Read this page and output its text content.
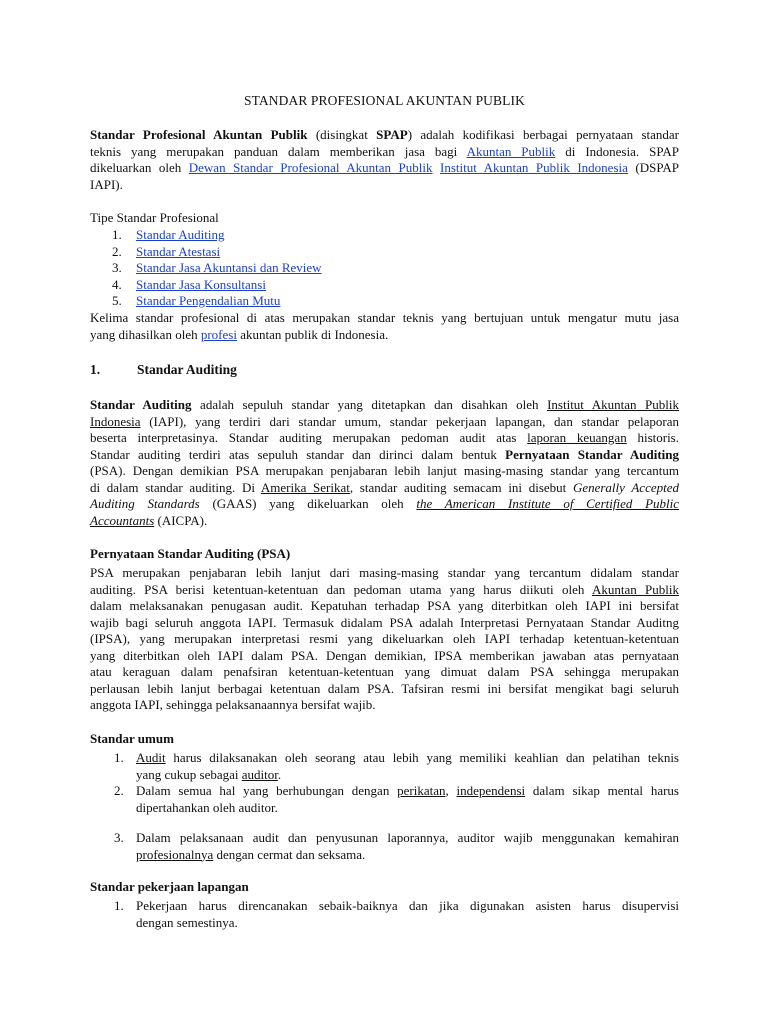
STANDAR PROFESIONAL AKUNTAN PUBLIK
Standar Profesional Akuntan Publik (disingkat SPAP) adalah kodifikasi berbagai pernyataan standar
teknis yang merupakan panduan dalam memberikan jasa bagi Akuntan Publik di Indonesia. SPAP
dikeluarkan oleh Dewan Standar Profesional Akuntan Publik Institut Akuntan Publik Indonesia (DSPAP
IAPI).
Tipe Standar Profesional
1.	Standar Auditing
2.	Standar Atestasi
3.	Standar Jasa Akuntansi dan Review
4.	Standar Jasa Konsultansi
5.	Standar Pengendalian Mutu
Kelima standar profesional di atas merupakan standar teknis yang bertujuan untuk mengatur mutu jasa
yang dihasilkan oleh profesi akuntan publik di Indonesia.
1.	Standar Auditing
Standar Auditing adalah sepuluh standar yang ditetapkan dan disahkan oleh Institut Akuntan Publik
Indonesia (IAPI), yang terdiri dari standar umum, standar pekerjaan lapangan, dan standar pelaporan
beserta interpretasinya. Standar auditing merupakan pedoman audit atas laporan keuangan historis.
Standar auditing terdiri atas sepuluh standar dan dirinci dalam bentuk Pernyataan Standar Auditing
(PSA). Dengan demikian PSA merupakan penjabaran lebih lanjut masing-masing standar yang tercantum
di dalam standar auditing. Di Amerika Serikat, standar auditing semacam ini disebut Generally Accepted
Auditing Standards (GAAS) yang dikeluarkan oleh the American Institute of Certified Public
Accountants (AICPA).
Pernyataan Standar Auditing (PSA)
PSA merupakan penjabaran lebih lanjut dari masing-masing standar yang tercantum didalam standar
auditing. PSA berisi ketentuan-ketentuan dan pedoman utama yang harus diikuti oleh Akuntan Publik
dalam melaksanakan penugasan audit. Kepatuhan terhadap PSA yang diterbitkan oleh IAPI ini bersifat
wajib bagi seluruh anggota IAPI. Termasuk didalam PSA adalah Interpretasi Pernyataan Standar Auditng
(IPSA), yang merupakan interpretasi resmi yang dikeluarkan oleh IAPI terhadap ketentuan-ketentuan
yang diterbitkan oleh IAPI dalam PSA. Dengan demikian, IPSA memberikan jawaban atas pernyataan
atau keraguan dalam penafsiran ketentuan-ketentuan yang dimuat dalam PSA sehingga merupakan
perlausan lebih lanjut berbagai ketentuan dalam PSA. Tafsiran resmi ini bersifat mengikat bagi seluruh
anggota IAPI, sehingga pelaksanaannya bersifat wajib.
Standar umum
1. Audit harus dilaksanakan oleh seorang atau lebih yang memiliki keahlian dan pelatihan teknis
yang cukup sebagai auditor.
2. Dalam semua hal yang berhubungan dengan perikatan, independensi dalam sikap mental harus
dipertahankan oleh auditor.
3. Dalam pelaksanaan audit dan penyusunan laporannya, auditor wajib menggunakan kemahiran
profesionalnya dengan cermat dan seksama.
Standar pekerjaan lapangan
1. Pekerjaan harus direncanakan sebaik-baiknya dan jika digunakan asisten harus disupervisi
dengan semestinya.
